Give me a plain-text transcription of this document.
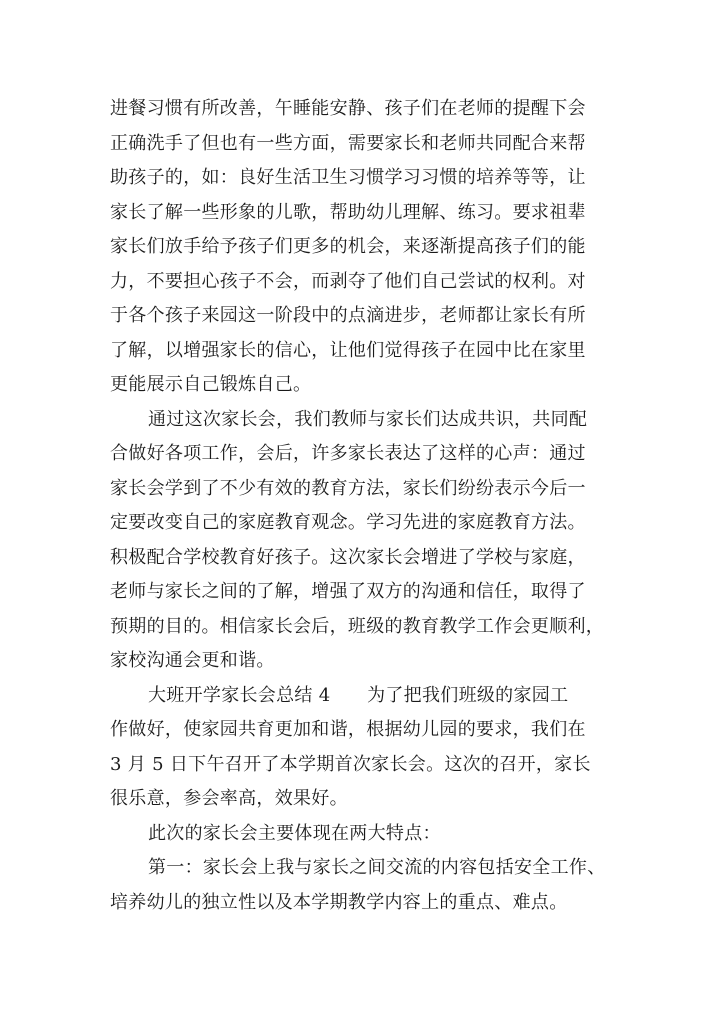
进餐习惯有所改善，午睡能安静、孩子们在老师的提醒下会
正确洗手了但也有一些方面，需要家长和老师共同配合来帮
助孩子的，如：良好生活卫生习惯学习习惯的培养等等，让
家长了解一些形象的儿歌，帮助幼儿理解、练习。要求祖辈
家长们放手给予孩子们更多的机会，来逐渐提高孩子们的能
力，不要担心孩子不会，而剥夺了他们自己尝试的权利。对
于各个孩子来园这一阶段中的点滴进步，老师都让家长有所
了解，以增强家长的信心，让他们觉得孩子在园中比在家里
更能展示自己锻炼自己。
通过这次家长会，我们教师与家长们达成共识，共同配
合做好各项工作，会后，许多家长表达了这样的心声：通过
家长会学到了不少有效的教育方法，家长们纷纷表示今后一
定要改变自己的家庭教育观念。学习先进的家庭教育方法。
积极配合学校教育好孩子。这次家长会增进了学校与家庭，
老师与家长之间的了解，增强了双方的沟通和信任，取得了
预期的目的。相信家长会后，班级的教育教学工作会更顺利，
家校沟通会更和谐。
大班开学家长会总结 4　　为了把我们班级的家园工
作做好，使家园共育更加和谐，根据幼儿园的要求，我们在
3 月 5 日下午召开了本学期首次家长会。这次的召开，家长
很乐意，参会率高，效果好。
此次的家长会主要体现在两大特点：
第一：家长会上我与家长之间交流的内容包括安全工作、
培养幼儿的独立性以及本学期教学内容上的重点、难点。
